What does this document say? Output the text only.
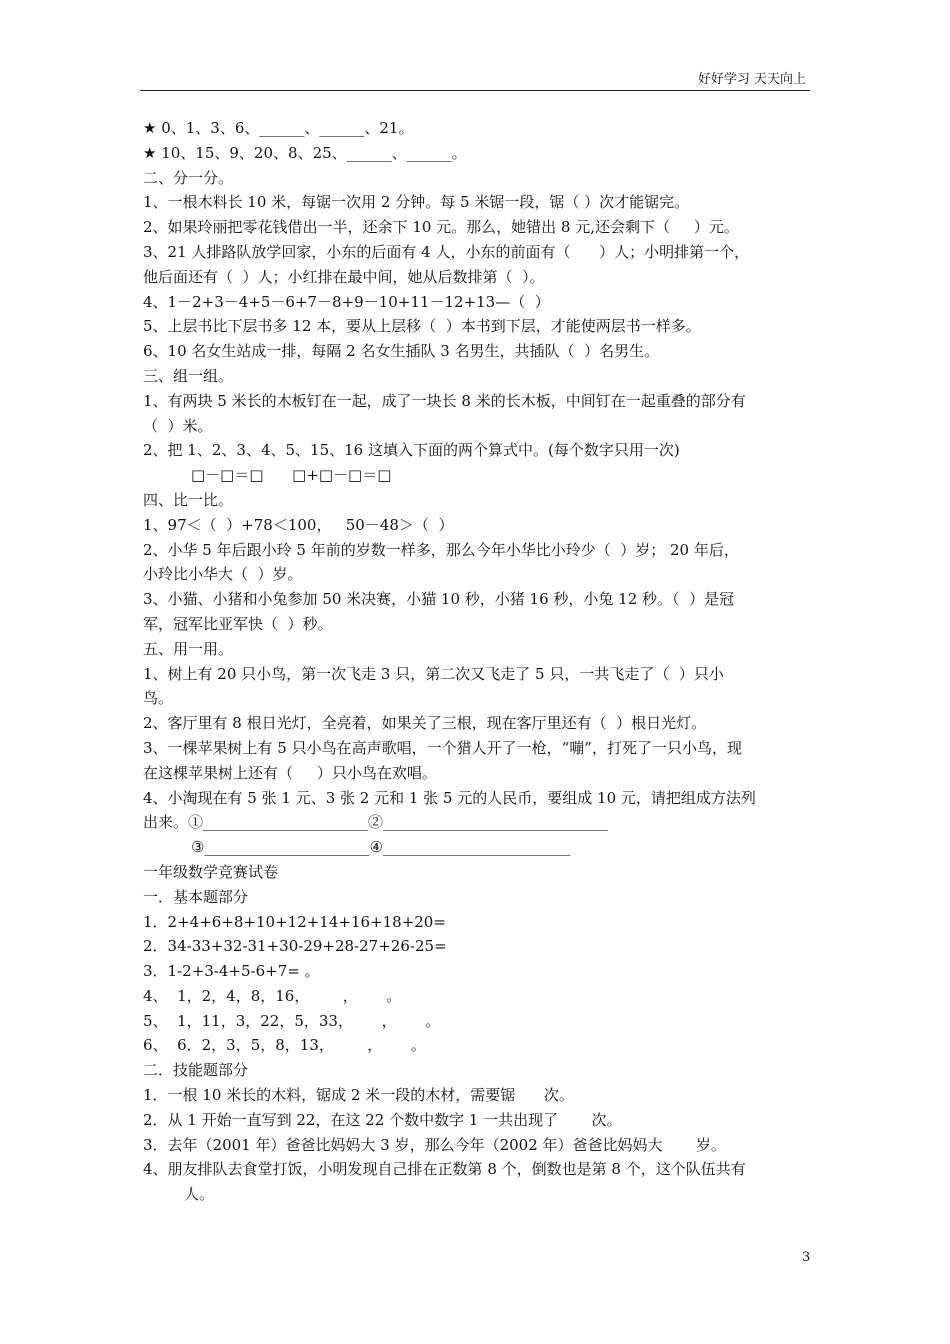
好好学习 天天向上
★ 0、1、3、6、______、______、21。
★ 10、15、9、20、8、25、______、______。
二、分一分。
1、一根木料长 10 米，每锯一次用 2 分钟。每 5 米锯一段，锯（ ）次才能锯完。
2、如果玲丽把零花钱借出一半，还余下 10 元。那么，她错出 8 元,还会剩下（     ）元。
3、21 人排路队放学回家，小东的后面有 4 人，小东的前面有（      ）人；小明排第一个，
他后面还有（  ）人；小红排在最中间，她从后数排第（  ）。
4、1－2+3－4+5－6+7－8+9－10+11－12+13—（  ）
5、上层书比下层书多 12 本，要从上层移（  ）本书到下层，才能使两层书一样多。
6、10 名女生站成一排，每隔 2 名女生插队 3 名男生，共插队（  ）名男生。
三、组一组。
1、有两块 5 米长的木板钉在一起，成了一块长 8 米的长木板，中间钉在一起重叠的部分有
（  ）米。
2、把 1、2、3、4、5、15、16 这填入下面的两个算式中。(每个数字只用一次)
□－□＝□      □+□－□＝□
四、比一比。
1、97＜（  ）+78＜100，   50－48＞（  ）
2、小华 5 年后跟小玲 5 年前的岁数一样多，那么今年小华比小玲少（  ）岁； 20 年后，
小玲比小华大（  ）岁。
3、小猫、小猪和小兔参加 50 米决赛，小猫 10 秒，小猪 16 秒，小兔 12 秒。（  ）是冠
军，冠军比亚军快（  ）秒。
五、用一用。
1、树上有 20 只小鸟，第一次飞走 3 只，第二次又飞走了 5 只，一共飞走了（  ）只小
鸟。
2、客厅里有 8 根日光灯，全亮着，如果关了三根，现在客厅里还有（  ）根日光灯。
3、一棵苹果树上有 5 只小鸟在高声歌唱，一个猎人开了一枪，“嘣”，打死了一只小鸟，现
在这棵苹果树上还有（     ）只小鸟在欢唱。
4、小淘现在有 5 张 1 元、3 张 2 元和 1 张 5 元的人民币，要组成 10 元，请把组成方法列
出来。①______________________②______________________________
③______________________④_________________________
一年级数学竞赛试卷
一．基本题部分
1．2+4+6+8+10+12+14+16+18+20=
2．34-33+32-31+30-29+28-27+26-25=
3．1-2+3-4+5-6+7= 。
4、  1，2，4，8，16，       ，      。
5、  1，11，3，22，5，33，      ，      。
6、  6．2，3，5，8，13，       ，      。
二．技能题部分
1．一根 10 米长的木料，锯成 2 米一段的木材，需要锯      次。
2．从 1 开始一直写到 22，在这 22 个数中数字 1 一共出现了       次。
3．去年（2001 年）爸爸比妈妈大 3 岁，那么今年（2002 年）爸爸比妈妈大       岁。
4、朋友排队去食堂打饭，小明发现自己排在正数第 8 个，倒数也是第 8 个，这个队伍共有
人。
3
